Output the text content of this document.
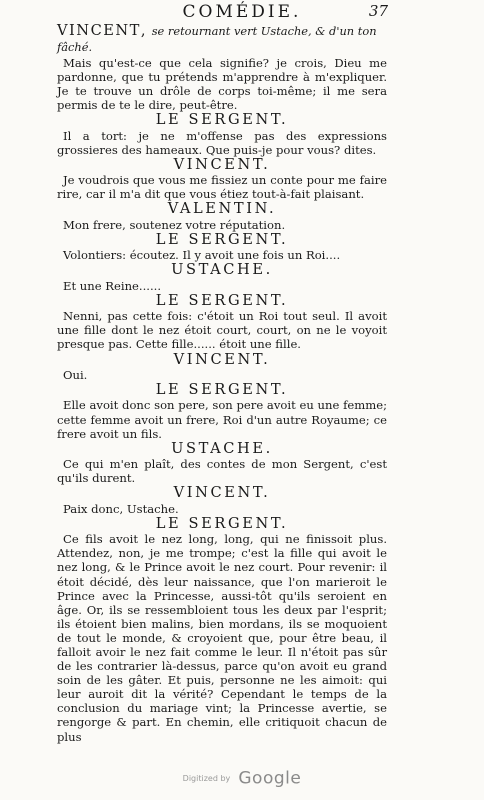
COMÉDIE.	37
VINCENT, se retournant vert Ustache, & d'un ton fâché.
Mais qu'est-ce que cela signifie? je crois, Dieu me pardonne, que tu prétends m'apprendre à m'expliquer. Je te trouve un drôle de corps toi-même; il me sera permis de te le dire, peut-être.
LE SERGENT.
Il a tort: je ne m'offense pas des expressions grossieres des hameaux. Que puis-je pour vous? dites.
VINCENT.
Je voudrois que vous me fissiez un conte pour me faire rire, car il m'a dit que vous étiez tout-à-fait plaisant.
VALENTIN.
Mon frere, soutenez votre réputation.
LE SERGENT.
Volontiers: écoutez. Il y avoit une fois un Roi....
USTACHE.
Et une Reine......
LE SERGENT.
Nenni, pas cette fois: c'étoit un Roi tout seul. Il avoit une fille dont le nez étoit court, court, on ne le voyoit presque pas. Cette fille...... étoit une fille.
VINCENT.
Oui.
LE SERGENT.
Elle avoit donc son pere, son pere avoit eu une femme; cette femme avoit un frere, Roi d'un autre Royaume; ce frere avoit un fils.
USTACHE.
Ce qui m'en plaît, des contes de mon Sergent, c'est qu'ils durent.
VINCENT.
Paix donc, Ustache.
LE SERGENT.
Ce fils avoit le nez long, long, qui ne finissoit plus. Attendez, non, je me trompe; c'est la fille qui avoit le nez long, & le Prince avoit le nez court. Pour revenir: il étoit décidé, dès leur naissance, que l'on marieroit le Prince avec la Princesse, aussi-tôt qu'ils seroient en âge. Or, ils se ressembloient tous les deux par l'esprit; ils étoient bien malins, bien mordans, ils se moquoient de tout le monde, & croyoient que, pour être beau, il falloit avoir le nez fait comme le leur. Il n'étoit pas sûr de les contrarier là-dessus, parce qu'on avoit eu grand soin de les gâter. Et puis, personne ne les aimoit: qui leur auroit dit la vérité? Cependant le temps de la conclusion du mariage vint; la Princesse avertie, se rengorge & part. En chemin, elle critiquoit chacun de plus
Digitized by Google
